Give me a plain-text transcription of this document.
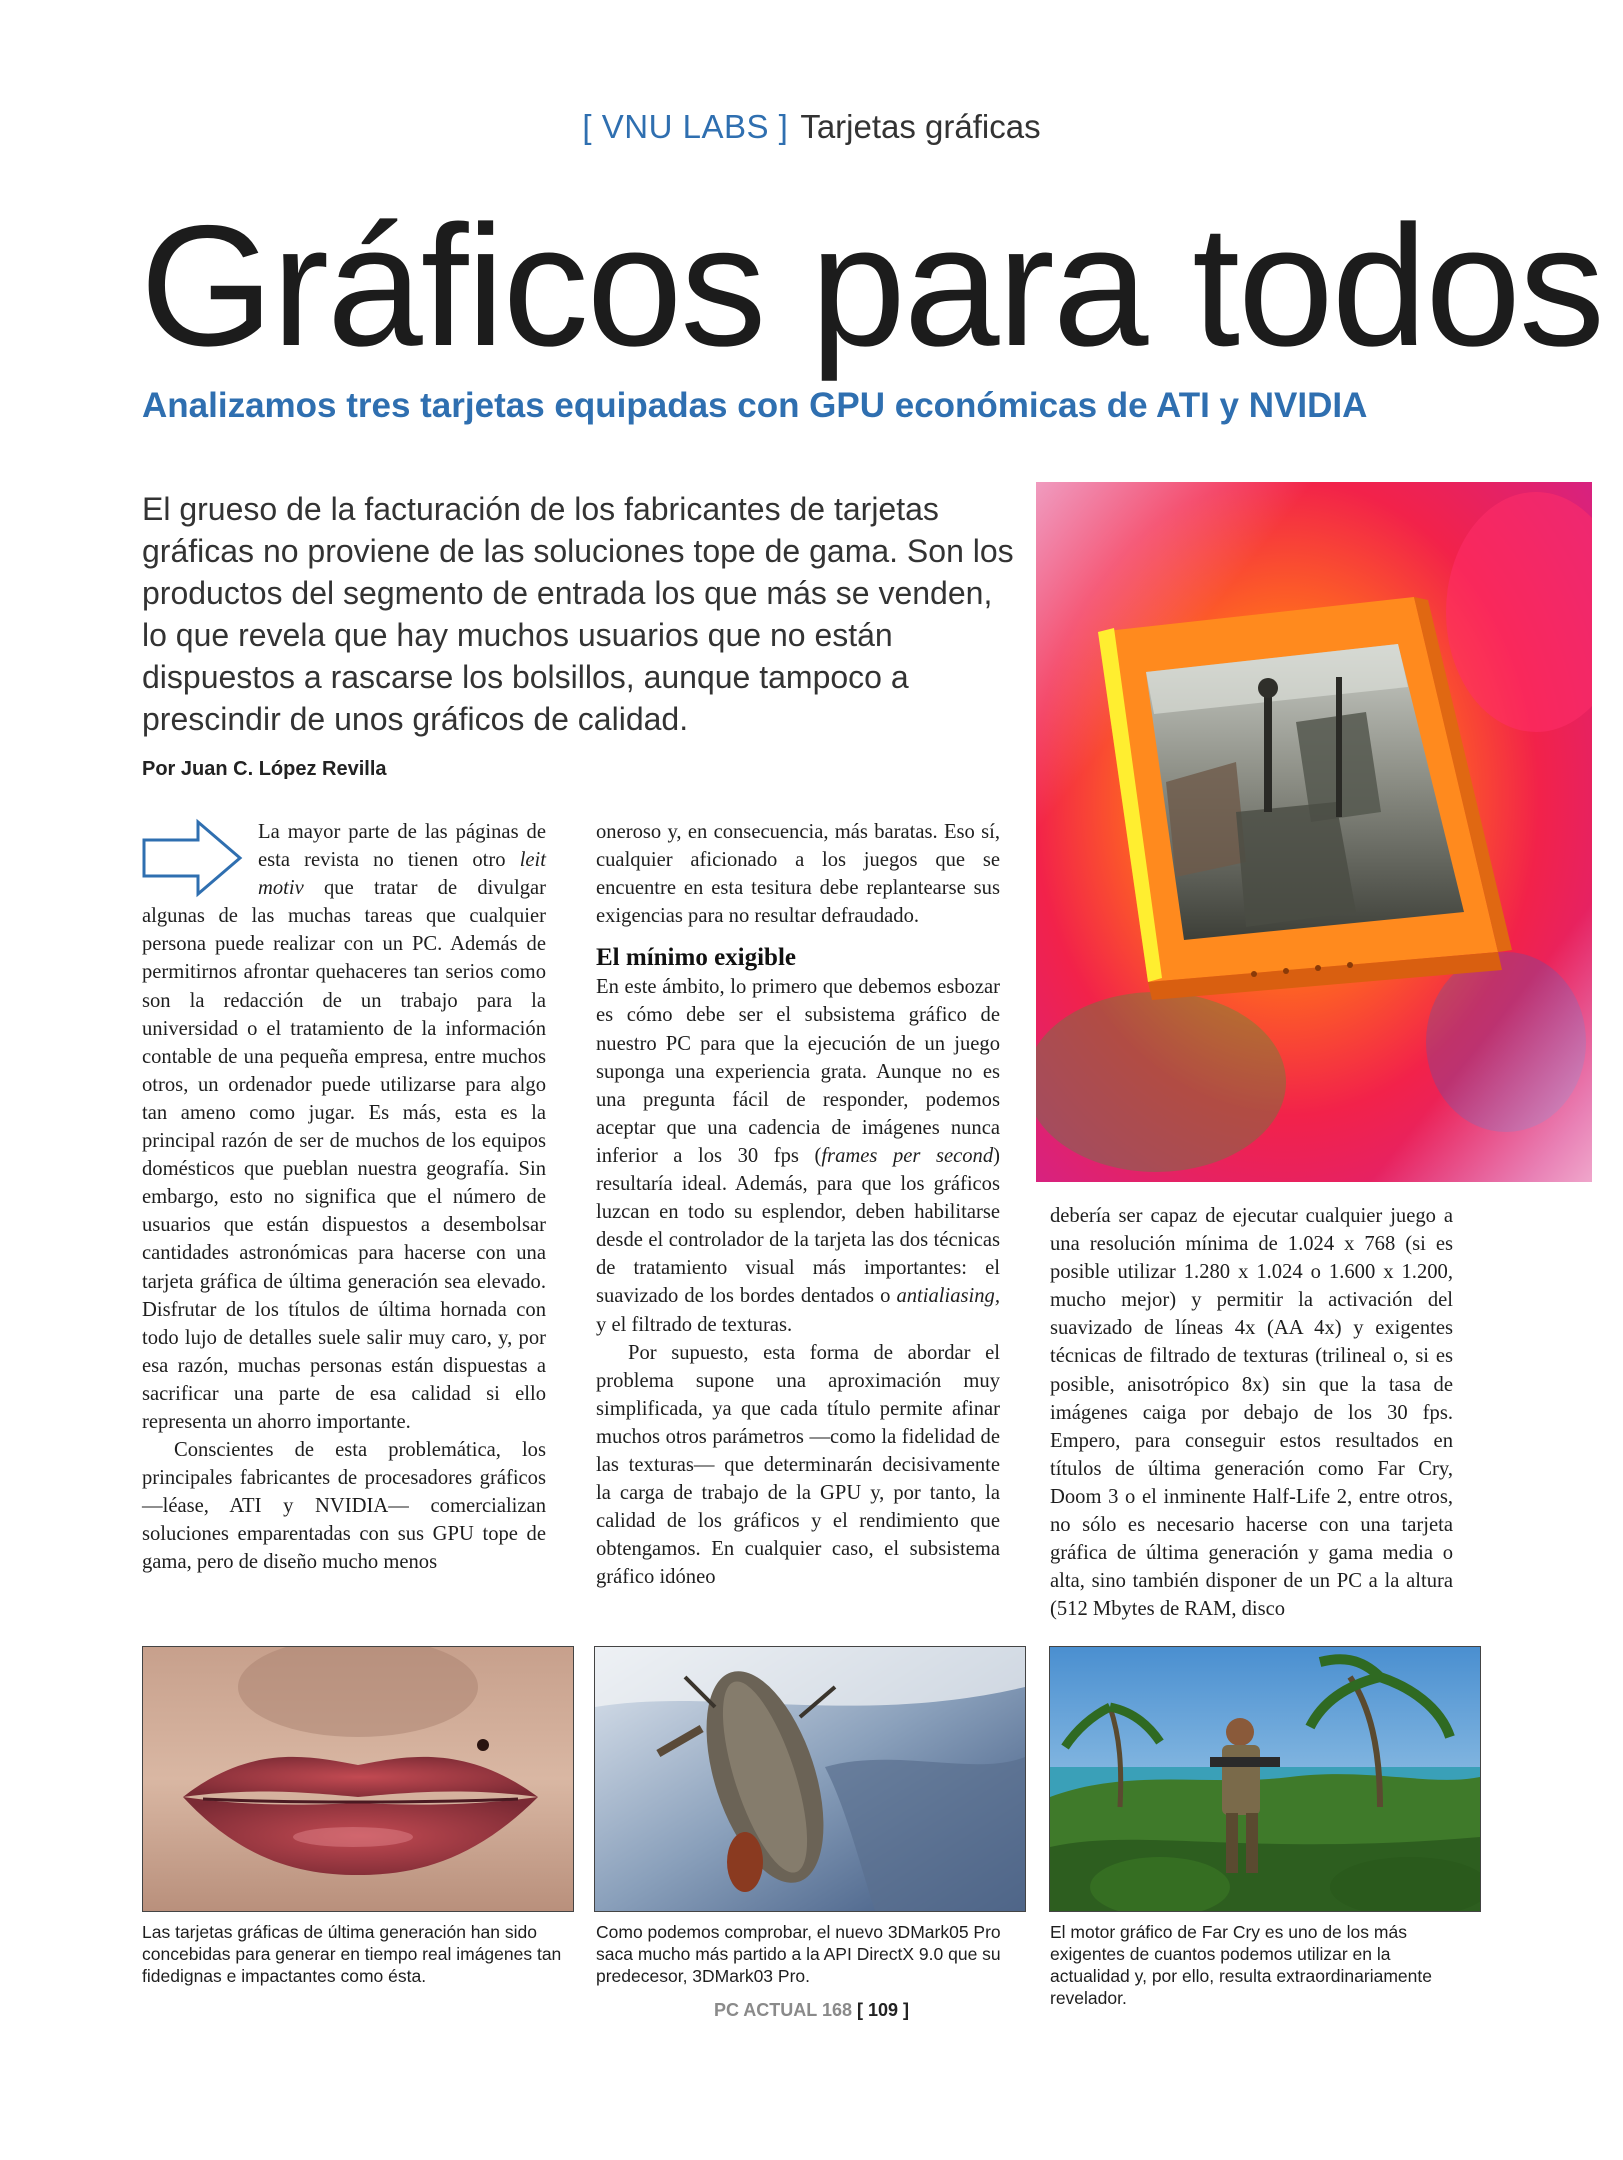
[ VNU LABS ] Tarjetas gráficas
Gráficos para todos
Analizamos tres tarjetas equipadas con GPU económicas de ATI y NVIDIA
El grueso de la facturación de los fabricantes de tarjetas gráficas no proviene de las soluciones tope de gama. Son los productos del segmento de entrada los que más se venden, lo que revela que hay muchos usuarios que no están dispuestos a rascarse los bolsillos, aunque tampoco a prescindir de unos gráficos de calidad.
Por Juan C. López Revilla

La mayor parte de las páginas de esta revista no tienen otro leit motiv que tratar de divulgar algunas de las muchas tareas que cualquier persona puede realizar con un PC. Además de permitirnos afrontar quehaceres tan serios como son la redacción de un trabajo para la universidad o el tratamiento de la información contable de una pequeña empresa, entre muchos otros, un ordenador puede utilizarse para algo tan ameno como jugar. Es más, esta es la principal razón de ser de muchos de los equipos domésticos que pueblan nuestra geografía. Sin embargo, esto no significa que el número de usuarios que están dispuestos a desembolsar cantidades astronómicas para hacerse con una tarjeta gráfica de última generación sea elevado. Disfrutar de los títulos de última hornada con todo lujo de detalles suele salir muy caro, y, por esa razón, muchas personas están dispuestas a sacrificar una parte de esa calidad si ello representa un ahorro importante.

Conscientes de esta problemática, los principales fabricantes de procesadores gráficos —léase, ATI y NVIDIA— comercializan soluciones emparentadas con sus GPU tope de gama, pero de diseño mucho menos

oneroso y, en consecuencia, más baratas. Eso sí, cualquier aficionado a los juegos que se encuentre en esta tesitura debe replantearse sus exigencias para no resultar defraudado.

El mínimo exigible

En este ámbito, lo primero que debemos esbozar es cómo debe ser el subsistema gráfico de nuestro PC para que la ejecución de un juego suponga una experiencia grata. Aunque no es una pregunta fácil de responder, podemos aceptar que una cadencia de imágenes nunca inferior a los 30 fps (frames per second) resultaría ideal. Además, para que los gráficos luzcan en todo su esplendor, deben habilitarse desde el controlador de la tarjeta las dos técnicas de tratamiento visual más importantes: el suavizado de los bordes dentados o antialiasing, y el filtrado de texturas.

Por supuesto, esta forma de abordar el problema supone una aproximación muy simplificada, ya que cada título permite afinar muchos otros parámetros —como la fidelidad de las texturas— que determinarán decisivamente la carga de trabajo de la GPU y, por tanto, la calidad de los gráficos y el rendimiento que obtengamos. En cualquier caso, el subsistema gráfico idóneo

debería ser capaz de ejecutar cualquier juego a una resolución mínima de 1.024 x 768 (si es posible utilizar 1.280 x 1.024 o 1.600 x 1.200, mucho mejor) y permitir la activación del suavizado de líneas 4x (AA 4x) y exigentes técnicas de filtrado de texturas (trilineal o, si es posible, anisotrópico 8x) sin que la tasa de imágenes caiga por debajo de los 30 fps. Empero, para conseguir estos resultados en títulos de última generación como Far Cry, Doom 3 o el inminente Half-Life 2, entre otros, no sólo es necesario hacerse con una tarjeta gráfica de última generación y gama media o alta, sino también disponer de un PC a la altura (512 Mbytes de RAM, disco

Las tarjetas gráficas de última generación han sido concebidas para generar en tiempo real imágenes tan fidedignas e impactantes como ésta.
Como podemos comprobar, el nuevo 3DMark05 Pro saca mucho más partido a la API DirectX 9.0 que su predecesor, 3DMark03 Pro.
El motor gráfico de Far Cry es uno de los más exigentes de cuantos podemos utilizar en la actualidad y, por ello, resulta extraordinariamente revelador.
PC ACTUAL 168 [ 109 ]
